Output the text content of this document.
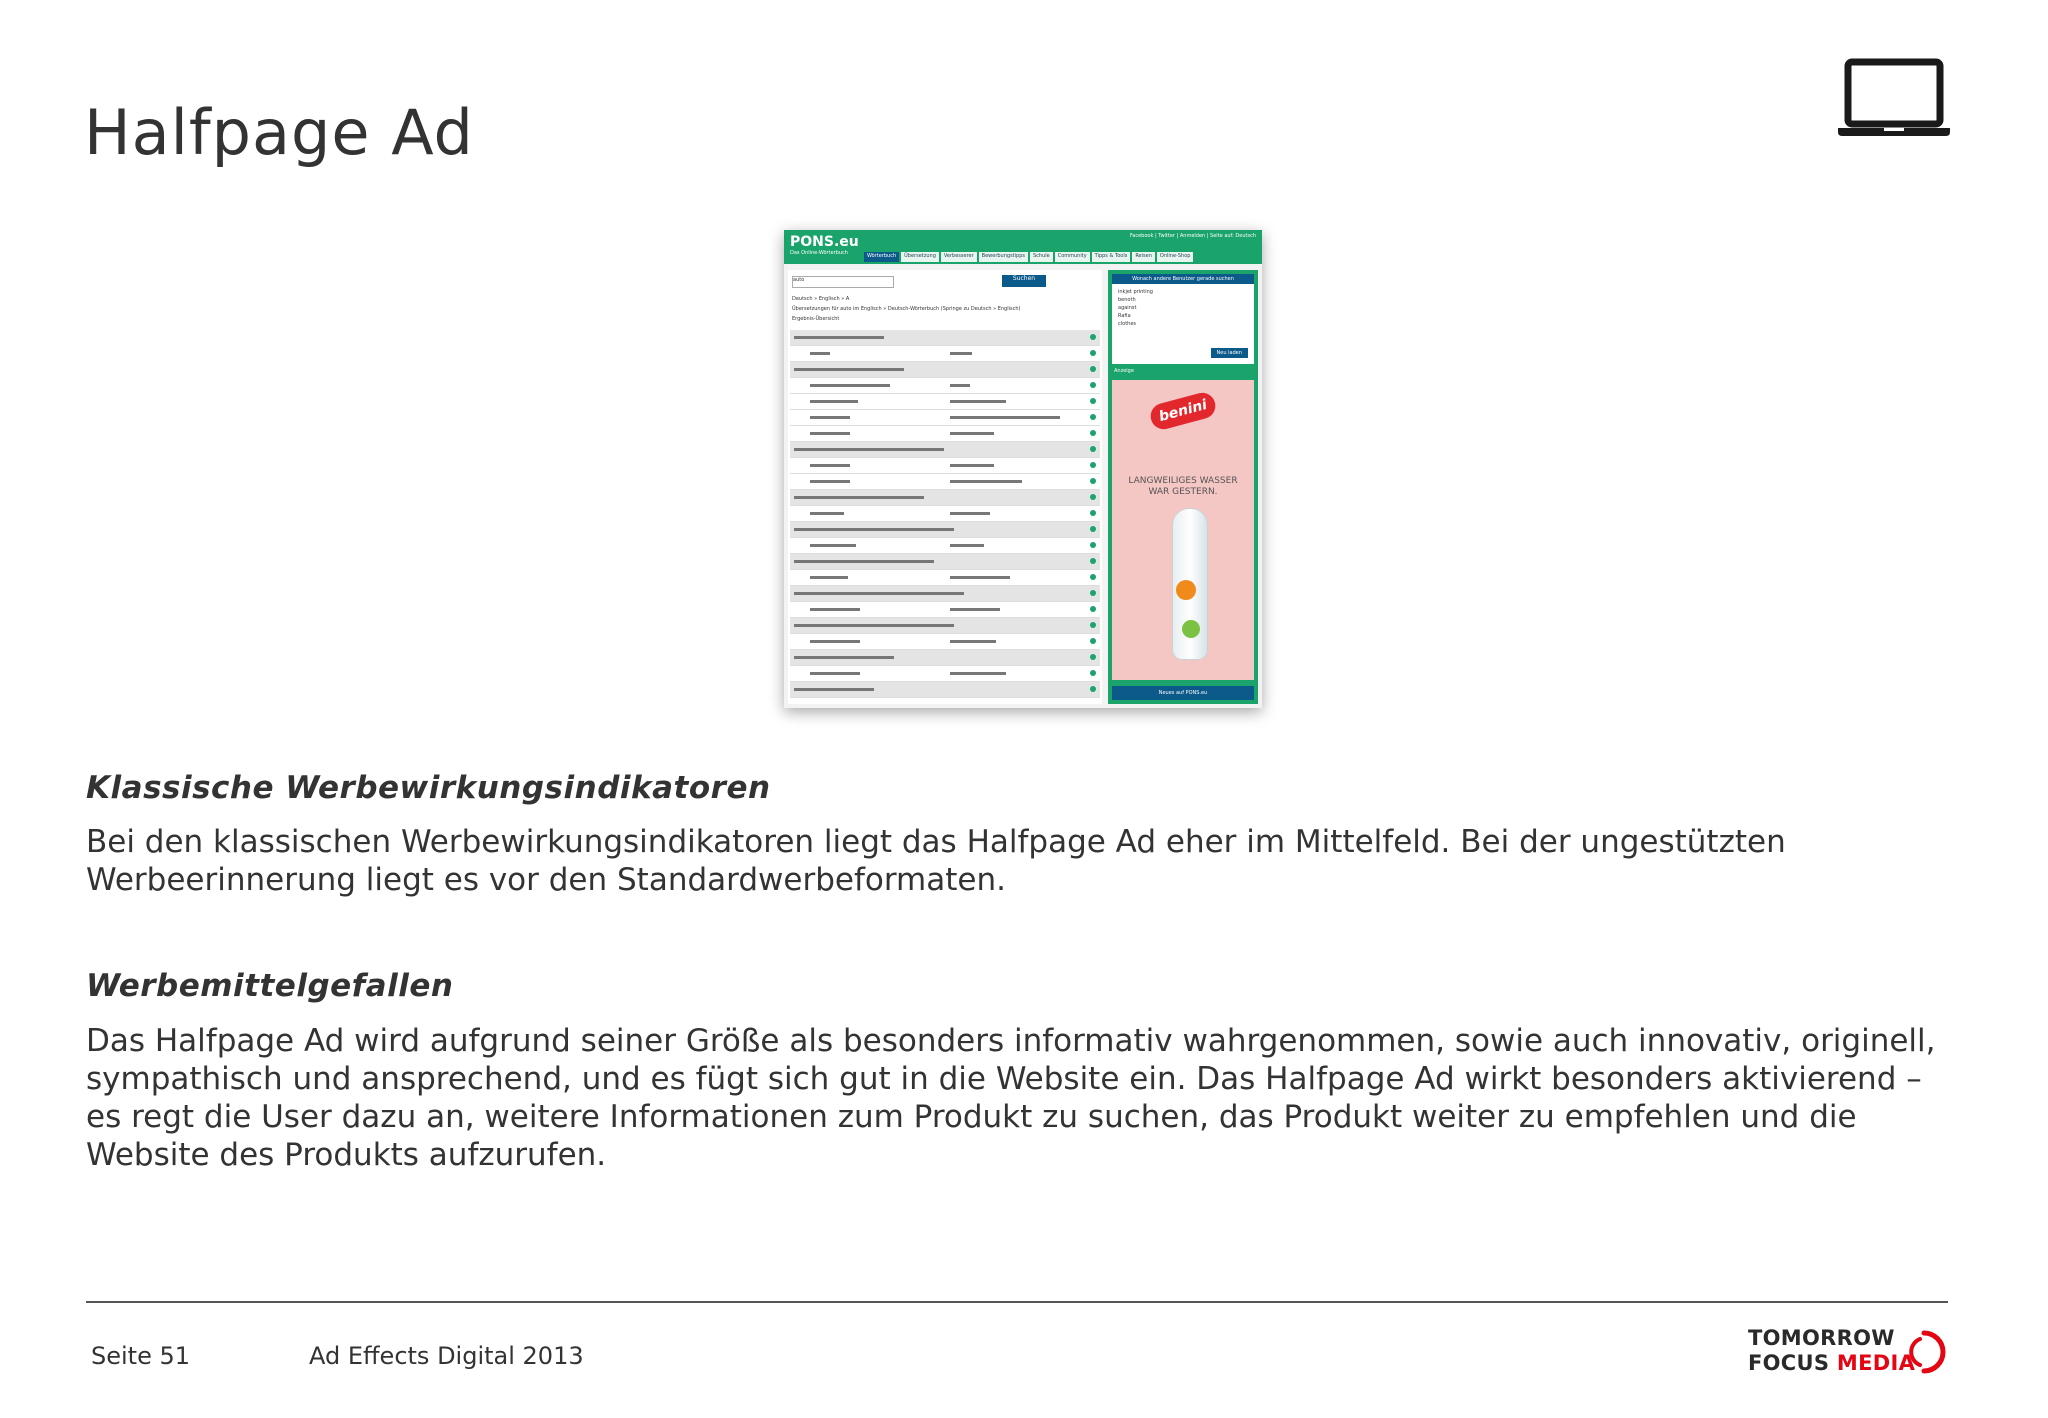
Halfpage Ad
PONS.eu
Das Online-Wörterbuch
Facebook | Twitter | Anmelden | Seite auf: Deutsch
Wörterbuch	Übersetzung	Verbesserer	Bewerbungstipps	Schule	Community	Tipps & Tools	Reisen	Online-Shop
auto	Suchen
Deutsch » Englisch » A
Übersetzungen für auto im Englisch » Deutsch-Wörterbuch (Springe zu Deutsch » Englisch)
Ergebnis-Übersicht
Wonach andere Benutzer gerade suchen
inkjet printing
benoth
against
Rafia
clothes
Neu laden
Anzeige
benini
LANGWEILIGES WASSER WAR GESTERN.
Neues auf PONS.eu
Klassische Werbewirkungsindikatoren

Bei den klassischen Werbewirkungsindikatoren liegt das Halfpage Ad eher im Mittelfeld. Bei der ungestützten Werbeerinnerung liegt es vor den Standardwerbeformaten.

Werbemittelgefallen

Das Halfpage Ad wird aufgrund seiner Größe als besonders informativ wahrgenommen, sowie auch innovativ, originell, sympathisch und ansprechend, und es fügt sich gut in die Website ein. Das Halfpage Ad wirkt besonders aktivierend – es regt die User dazu an, weitere Informationen zum Produkt zu suchen, das Produkt weiter zu empfehlen und die Website des Produkts aufzurufen.

Seite 51	Ad Effects Digital 2013

TOMORROW
FOCUS MEDIA
